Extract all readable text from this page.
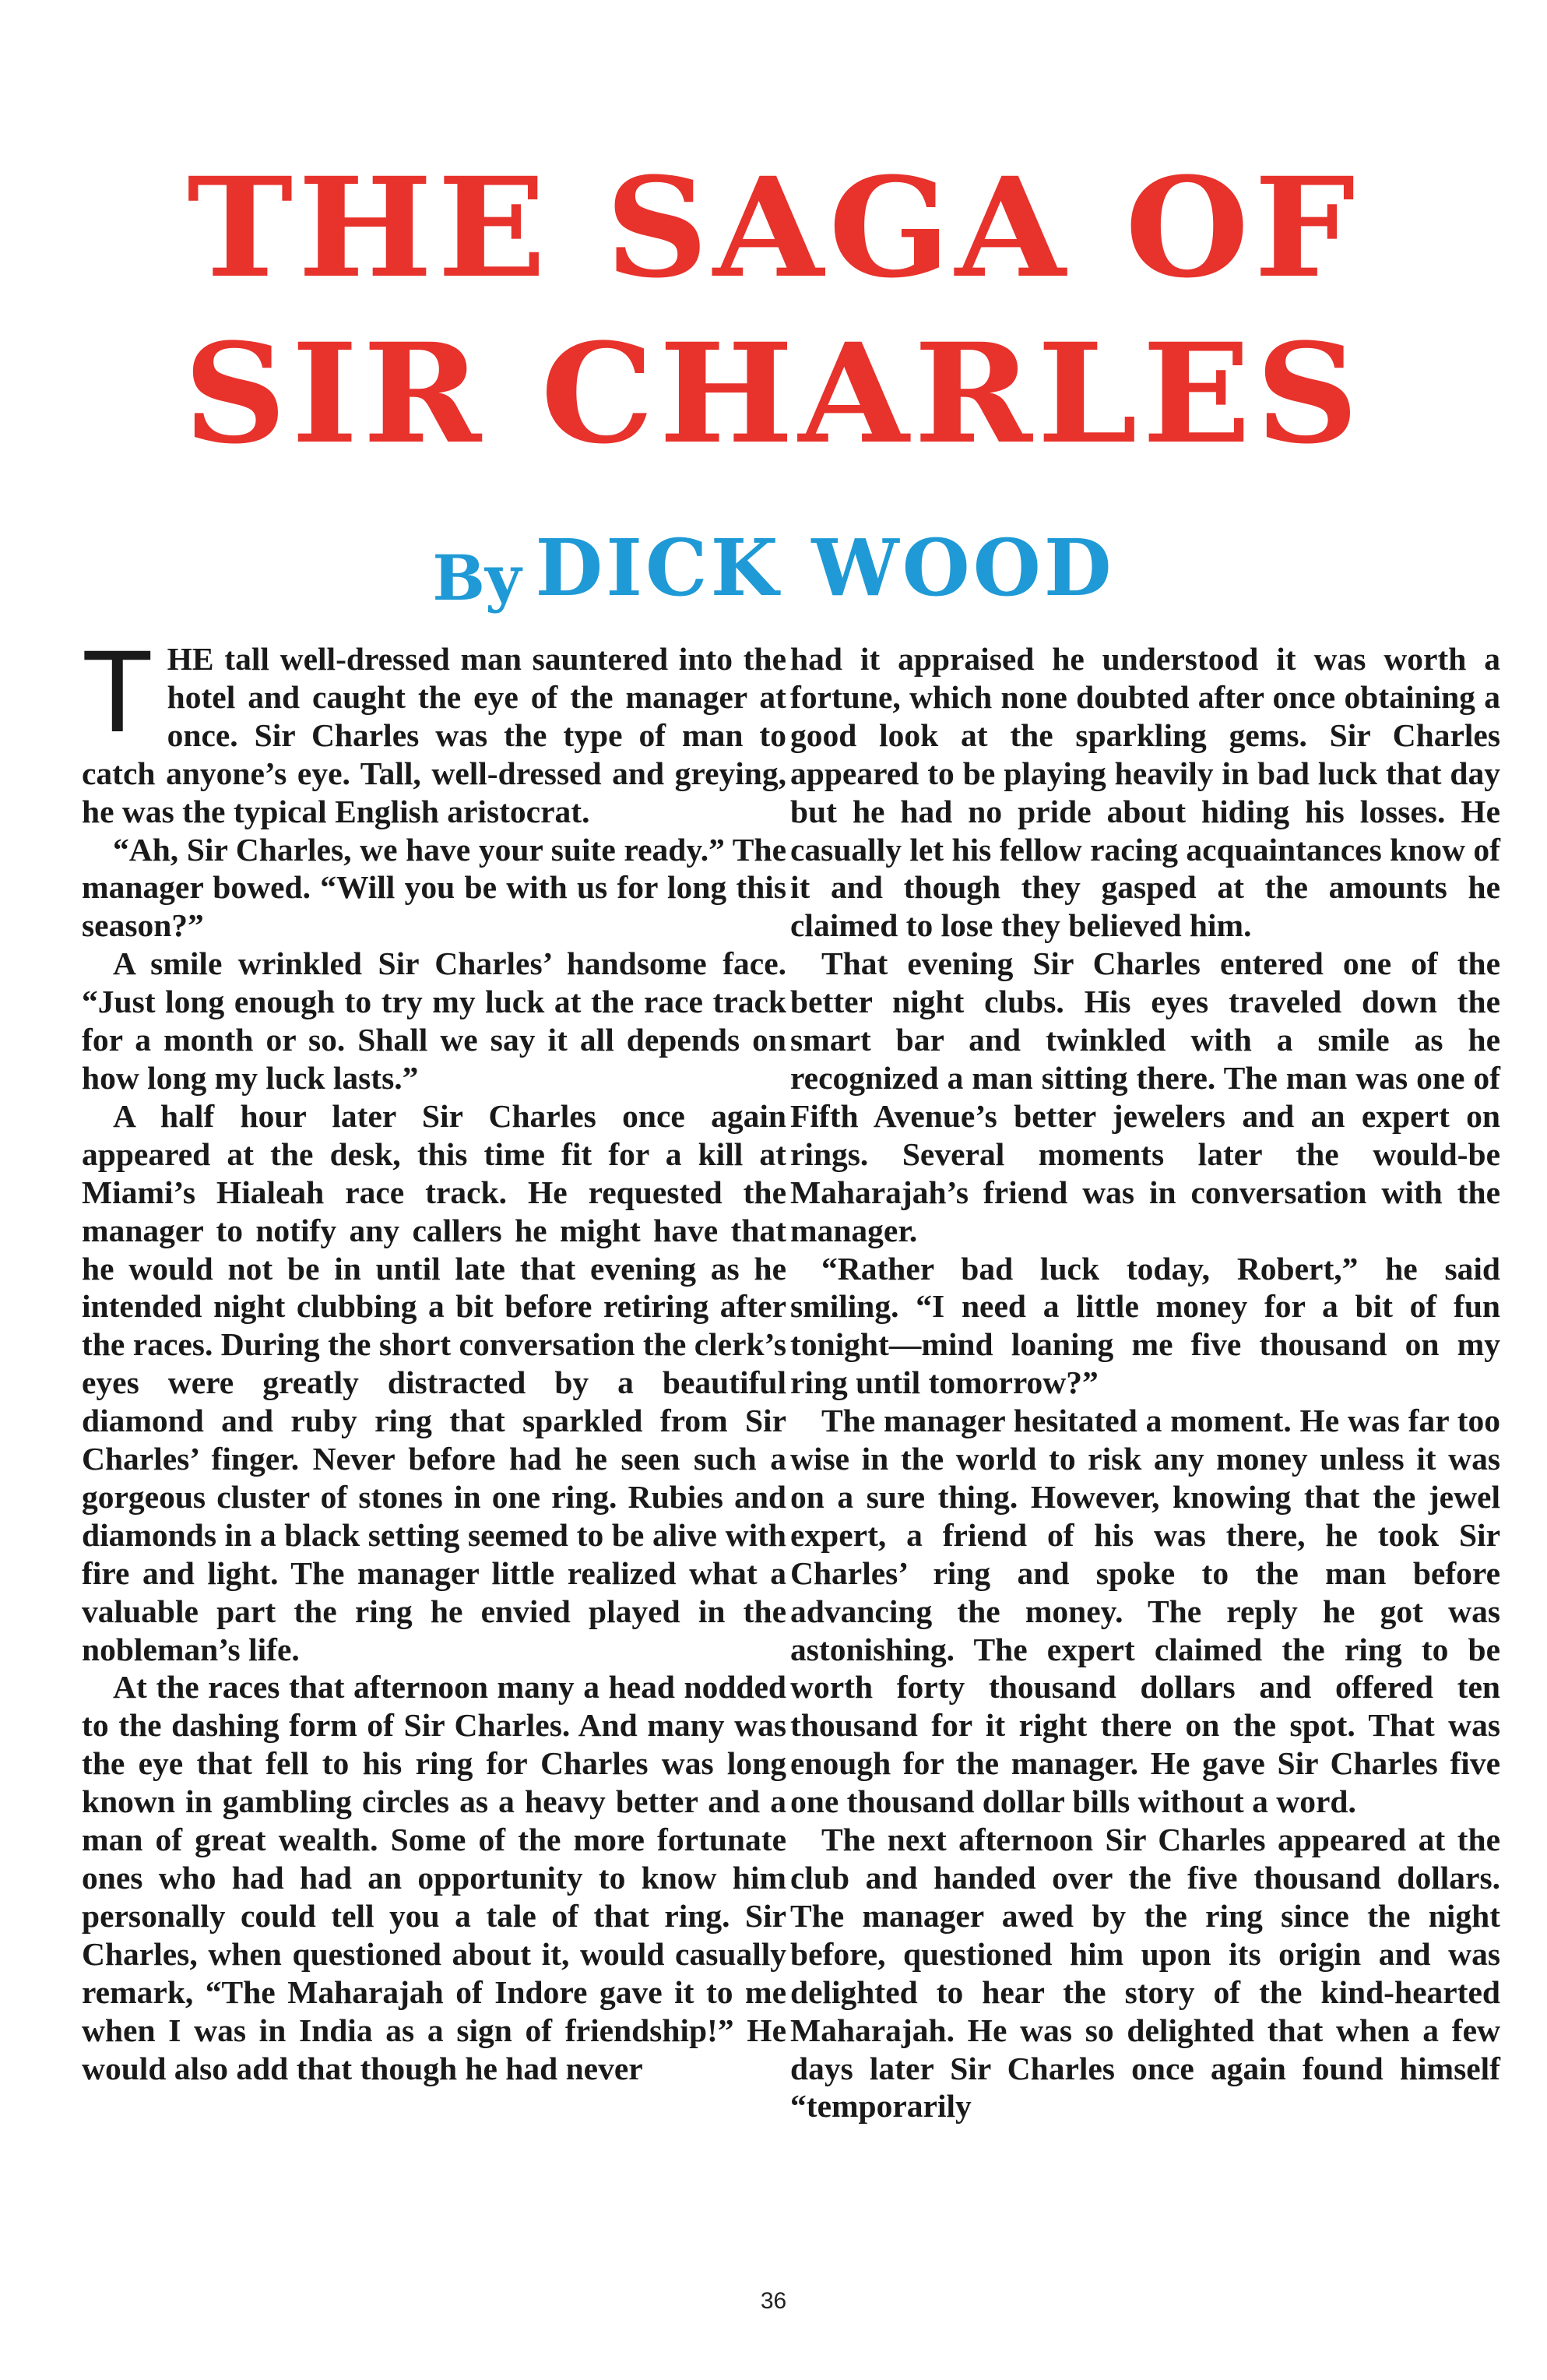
THE SAGA OF
SIR CHARLES
By DICK WOOD

THE tall well-dressed man sauntered into the hotel and caught the eye of the manager at once. Sir Charles was the type of man to catch anyone’s eye. Tall, well-dressed and greying, he was the typical English aristocrat.

“Ah, Sir Charles, we have your suite ready.” The manager bowed. “Will you be with us for long this season?”

A smile wrinkled Sir Charles’ handsome face. “Just long enough to try my luck at the race track for a month or so. Shall we say it all depends on how long my luck lasts.”

A half hour later Sir Charles once again appeared at the desk, this time fit for a kill at Miami’s Hialeah race track. He requested the manager to notify any callers he might have that he would not be in until late that evening as he intended night clubbing a bit before retiring after the races. During the short conversation the clerk’s eyes were greatly distracted by a beautiful diamond and ruby ring that sparkled from Sir Charles’ finger. Never before had he seen such a gorgeous cluster of stones in one ring. Rubies and diamonds in a black setting seemed to be alive with fire and light. The manager little realized what a valuable part the ring he envied played in the nobleman’s life.

At the races that afternoon many a head nodded to the dashing form of Sir Charles. And many was the eye that fell to his ring for Charles was long known in gambling circles as a heavy better and a man of great wealth. Some of the more fortunate ones who had had an opportunity to know him personally could tell you a tale of that ring. Sir Charles, when questioned about it, would casually remark, “The Maharajah of Indore gave it to me when I was in India as a sign of friendship!” He would also add that though he had never

had it appraised he understood it was worth a fortune, which none doubted after once obtaining a good look at the sparkling gems. Sir Charles appeared to be playing heavily in bad luck that day but he had no pride about hiding his losses. He casually let his fellow racing acquaintances know of it and though they gasped at the amounts he claimed to lose they believed him.

That evening Sir Charles entered one of the better night clubs. His eyes traveled down the smart bar and twinkled with a smile as he recognized a man sitting there. The man was one of Fifth Avenue’s better jewelers and an expert on rings. Several moments later the would-be Maharajah’s friend was in conversation with the manager.

“Rather bad luck today, Robert,” he said smiling. “I need a little money for a bit of fun tonight—mind loaning me five thousand on my ring until tomorrow?”

The manager hesitated a moment. He was far too wise in the world to risk any money unless it was on a sure thing. However, knowing that the jewel expert, a friend of his was there, he took Sir Charles’ ring and spoke to the man before advancing the money. The reply he got was astonishing. The expert claimed the ring to be worth forty thousand dollars and offered ten thousand for it right there on the spot. That was enough for the manager. He gave Sir Charles five one thousand dollar bills without a word.

The next afternoon Sir Charles appeared at the club and handed over the five thousand dollars. The manager awed by the ring since the night before, questioned him upon its origin and was delighted to hear the story of the kind-hearted Maharajah. He was so delighted that when a few days later Sir Charles once again found himself “temporarily

36
